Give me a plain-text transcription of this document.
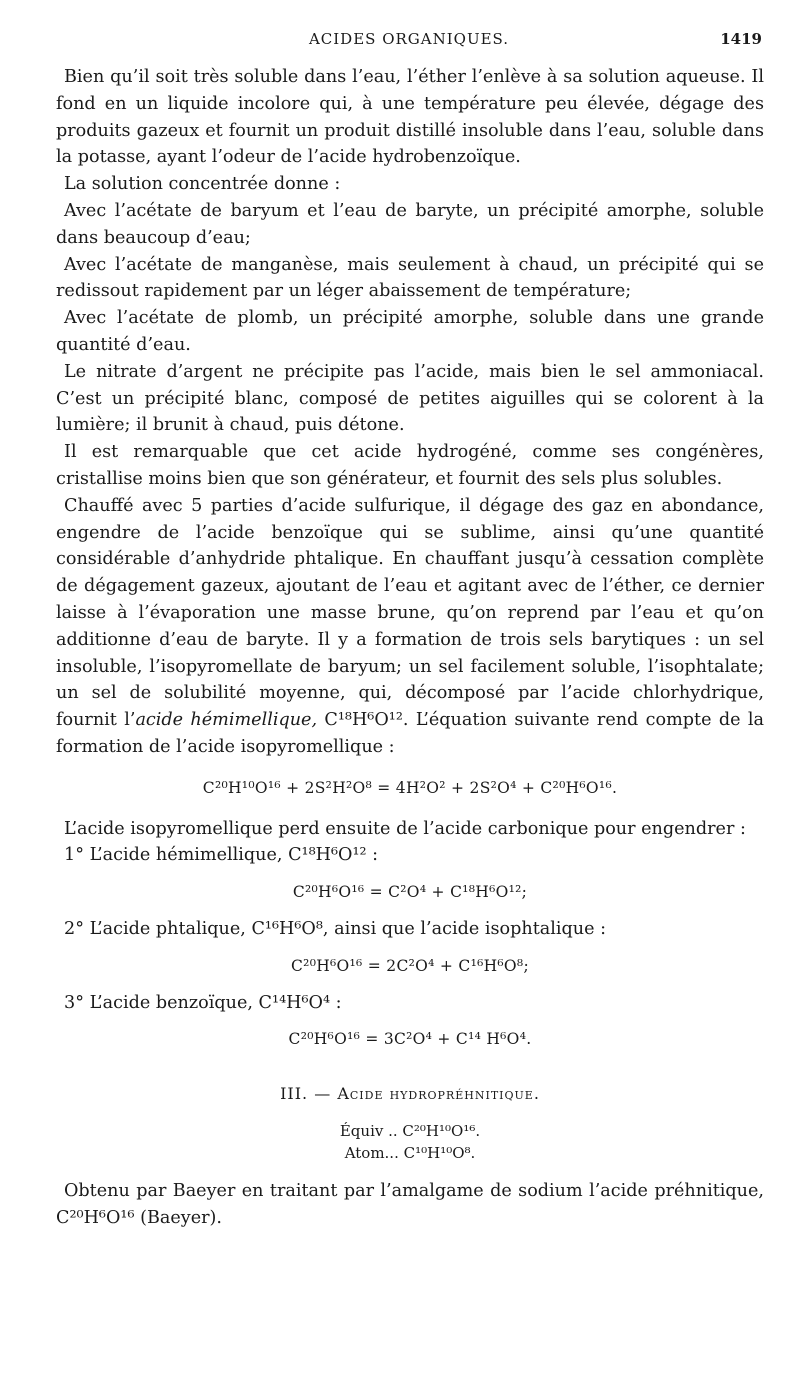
ACIDES ORGANIQUES.	1419

Bien qu’il soit très soluble dans l’eau, l’éther l’enlève à sa solution aqueuse. Il fond en un liquide incolore qui, à une température peu élevée, dégage des produits gazeux et fournit un produit distillé insoluble dans l’eau, soluble dans la potasse, ayant l’odeur de l’acide hydrobenzoïque.

La solution concentrée donne :

Avec l’acétate de baryum et l’eau de baryte, un précipité amorphe, soluble dans beaucoup d’eau;

Avec l’acétate de manganèse, mais seulement à chaud, un précipité qui se redissout rapidement par un léger abaissement de température;

Avec l’acétate de plomb, un précipité amorphe, soluble dans une grande quantité d’eau.

Le nitrate d’argent ne précipite pas l’acide, mais bien le sel ammoniacal. C’est un précipité blanc, composé de petites aiguilles qui se colorent à la lumière; il brunit à chaud, puis détone.

Il est remarquable que cet acide hydrogéné, comme ses congénères, cristallise moins bien que son générateur, et fournit des sels plus solubles.

Chauffé avec 5 parties d’acide sulfurique, il dégage des gaz en abondance, engendre de l’acide benzoïque qui se sublime, ainsi qu’une quantité considérable d’anhydride phtalique. En chauffant jusqu’à cessation complète de dégagement gazeux, ajoutant de l’eau et agitant avec de l’éther, ce dernier laisse à l’évaporation une masse brune, qu’on reprend par l’eau et qu’on additionne d’eau de baryte. Il y a formation de trois sels barytiques : un sel insoluble, l’isopyromellate de baryum; un sel facilement soluble, l’isophtalate; un sel de solubilité moyenne, qui, décomposé par l’acide chlorhydrique, fournit l’acide hémimellique, C¹⁸H⁶O¹². L’équation suivante rend compte de la formation de l’acide isopyromellique :

C²⁰H¹⁰O¹⁶ + 2S²H²O⁸ = 4H²O² + 2S²O⁴ + C²⁰H⁶O¹⁶.

L’acide isopyromellique perd ensuite de l’acide carbonique pour engendrer :

1° L’acide hémimellique, C¹⁸H⁶O¹² :

C²⁰H⁶O¹⁶ = C²O⁴ + C¹⁸H⁶O¹²;

2° L’acide phtalique, C¹⁶H⁶O⁸, ainsi que l’acide isophtalique :

C²⁰H⁶O¹⁶ = 2C²O⁴ + C¹⁶H⁶O⁸;

3° L’acide benzoïque, C¹⁴H⁶O⁴ :

C²⁰H⁶O¹⁶ = 3C²O⁴ + C¹⁴ H⁶O⁴.
III. — Acide hydropréhnitique.
Équiv .. C²⁰H¹⁰O¹⁶.
Atom... C¹⁰H¹⁰O⁸.

Obtenu par Baeyer en traitant par l’amalgame de sodium l’acide préhnitique, C²⁰H⁶O¹⁶ (Baeyer).
